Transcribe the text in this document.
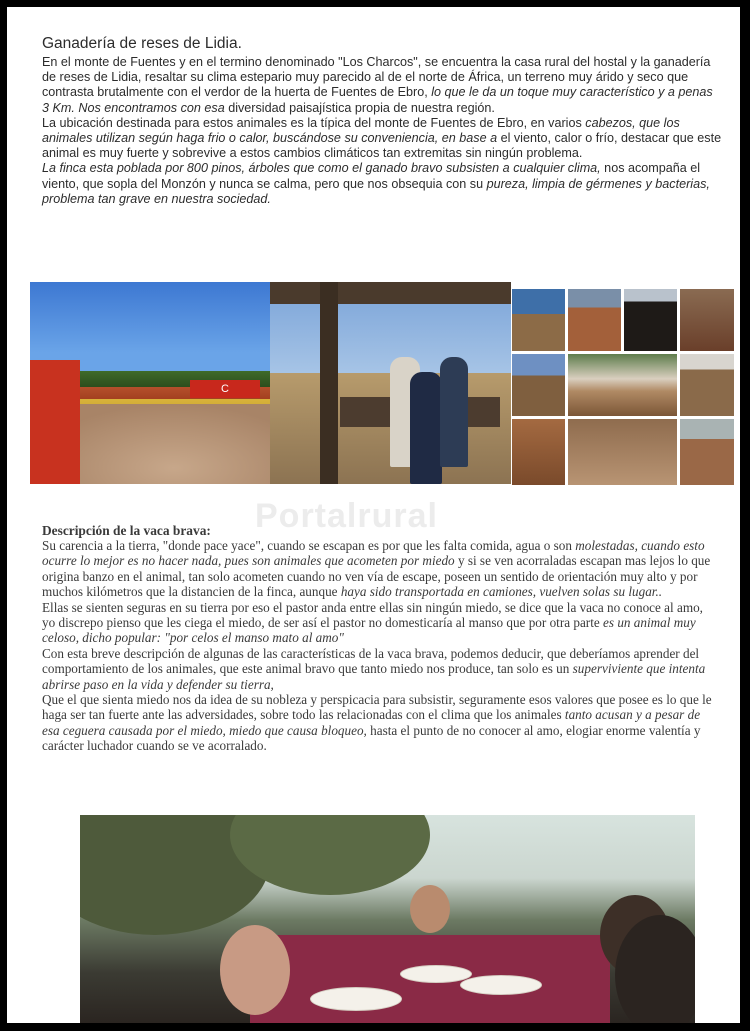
Ganadería de reses de Lidia.

En el monte de Fuentes y en el termino denominado "Los Charcos", se encuentra la casa rural del hostal y la ganadería de reses de Lidia, resaltar su clima estepario muy parecido al de el norte de África, un terreno muy árido y seco que contrasta brutalmente con el verdor de la huerta de Fuentes de Ebro, lo que le da un toque muy característico y a penas 3 Km. Nos encontramos con esa diversidad paisajística propia de nuestra región.

La ubicación destinada para estos animales es la típica del monte de Fuentes de Ebro, en varios cabezos, que los animales utilizan según haga frio o calor, buscándose su conveniencia, en base a el viento, calor o frío, destacar que este animal es muy fuerte y sobrevive a estos cambios climáticos tan extremitas sin ningún problema.

La finca esta poblada por 800 pinos, árboles que como el ganado bravo subsisten a cualquier clima, nos acompaña el viento, que sopla del Monzón y nunca se calma, pero que nos obsequia con su pureza, limpia de gérmenes y bacterias, problema tan grave en nuestra sociedad.

C
Portalrural
Descripción de la vaca brava:

Su carencia a la tierra, "donde pace yace", cuando se escapan es por que les falta comida, agua o son molestadas, cuando esto ocurre lo mejor es no hacer nada, pues son animales que acometen por miedo y si se ven acorraladas escapan mas lejos lo que origina banzo en el animal, tan solo acometen cuando no ven vía de escape, poseen un sentido de orientación muy alto y por muchos kilómetros que la distancien de la finca, aunque haya sido transportada en camiones, vuelven solas su lugar..

Ellas se sienten seguras en su tierra por eso el pastor anda entre ellas sin ningún miedo, se dice que la vaca no conoce al amo, yo discrepo pienso que les ciega el miedo, de ser así el pastor no domesticaría al manso que por otra parte es un animal muy celoso, dicho popular: "por celos el manso mato al amo"

Con esta breve descripción de algunas de las características de la vaca brava, podemos deducir, que deberíamos aprender del comportamiento de los animales, que este animal bravo que tanto miedo nos produce, tan solo es un superviviente que intenta abrirse paso en la vida y defender su tierra,

Que el que sienta miedo nos da idea de su nobleza y perspicacia para subsistir, seguramente esos valores que posee es lo que le haga ser tan fuerte ante las adversidades, sobre todo las relacionadas con el clima que los animales tanto acusan y a pesar de esa ceguera causada por el miedo, miedo que causa bloqueo, hasta el punto de no conocer al amo, elogiar enorme valentía y carácter luchador cuando se ve acorralado.
